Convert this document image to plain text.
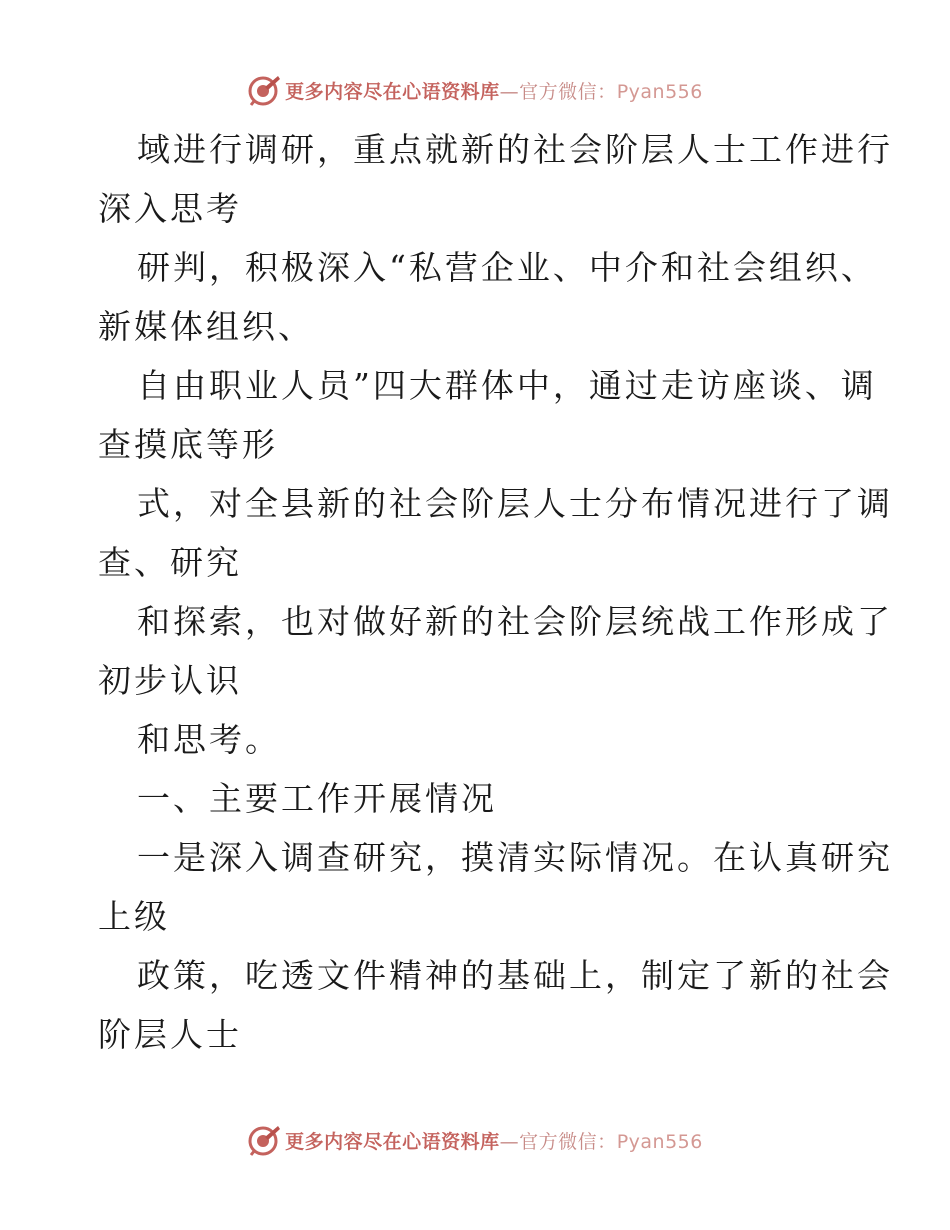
更多内容尽在心语资料库—官方微信：Pyan556
域进行调研，重点就新的社会阶层人士工作进行
深入思考
研判，积极深入“私营企业、中介和社会组织、
新媒体组织、
自由职业人员”四大群体中，通过走访座谈、调
查摸底等形
式，对全县新的社会阶层人士分布情况进行了调
查、研究
和探索，也对做好新的社会阶层统战工作形成了
初步认识
和思考。
一、主要工作开展情况
一是深入调查研究，摸清实际情况。在认真研究
上级
政策，吃透文件精神的基础上，制定了新的社会
阶层人士
更多内容尽在心语资料库—官方微信：Pyan556
